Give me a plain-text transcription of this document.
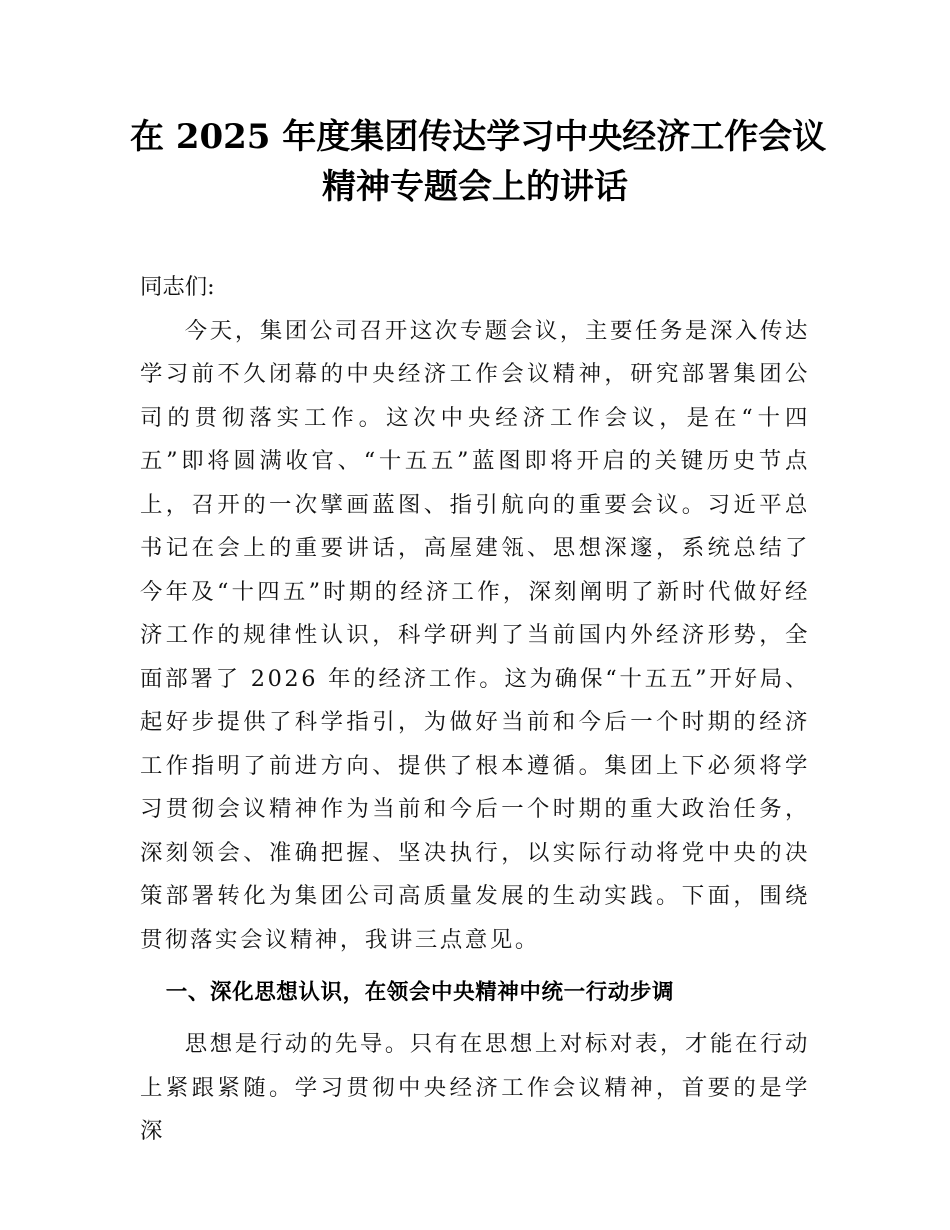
在 2025 年度集团传达学习中央经济工作会议
精神专题会上的讲话

同志们:

今天，集团公司召开这次专题会议，主要任务是深入传达学习前不久闭幕的中央经济工作会议精神，研究部署集团公司的贯彻落实工作。这次中央经济工作会议，是在“十四五”即将圆满收官、“十五五”蓝图即将开启的关键历史节点上，召开的一次擘画蓝图、指引航向的重要会议。习近平总书记在会上的重要讲话，高屋建瓴、思想深邃，系统总结了今年及“十四五”时期的经济工作，深刻阐明了新时代做好经济工作的规律性认识，科学研判了当前国内外经济形势，全面部署了 2026 年的经济工作。这为确保“十五五”开好局、起好步提供了科学指引，为做好当前和今后一个时期的经济工作指明了前进方向、提供了根本遵循。集团上下必须将学习贯彻会议精神作为当前和今后一个时期的重大政治任务，深刻领会、准确把握、坚决执行，以实际行动将党中央的决策部署转化为集团公司高质量发展的生动实践。下面，围绕贯彻落实会议精神，我讲三点意见。

一、深化思想认识，在领会中央精神中统一行动步调

思想是行动的先导。只有在思想上对标对表，才能在行动上紧跟紧随。学习贯彻中央经济工作会议精神，首要的是学深
